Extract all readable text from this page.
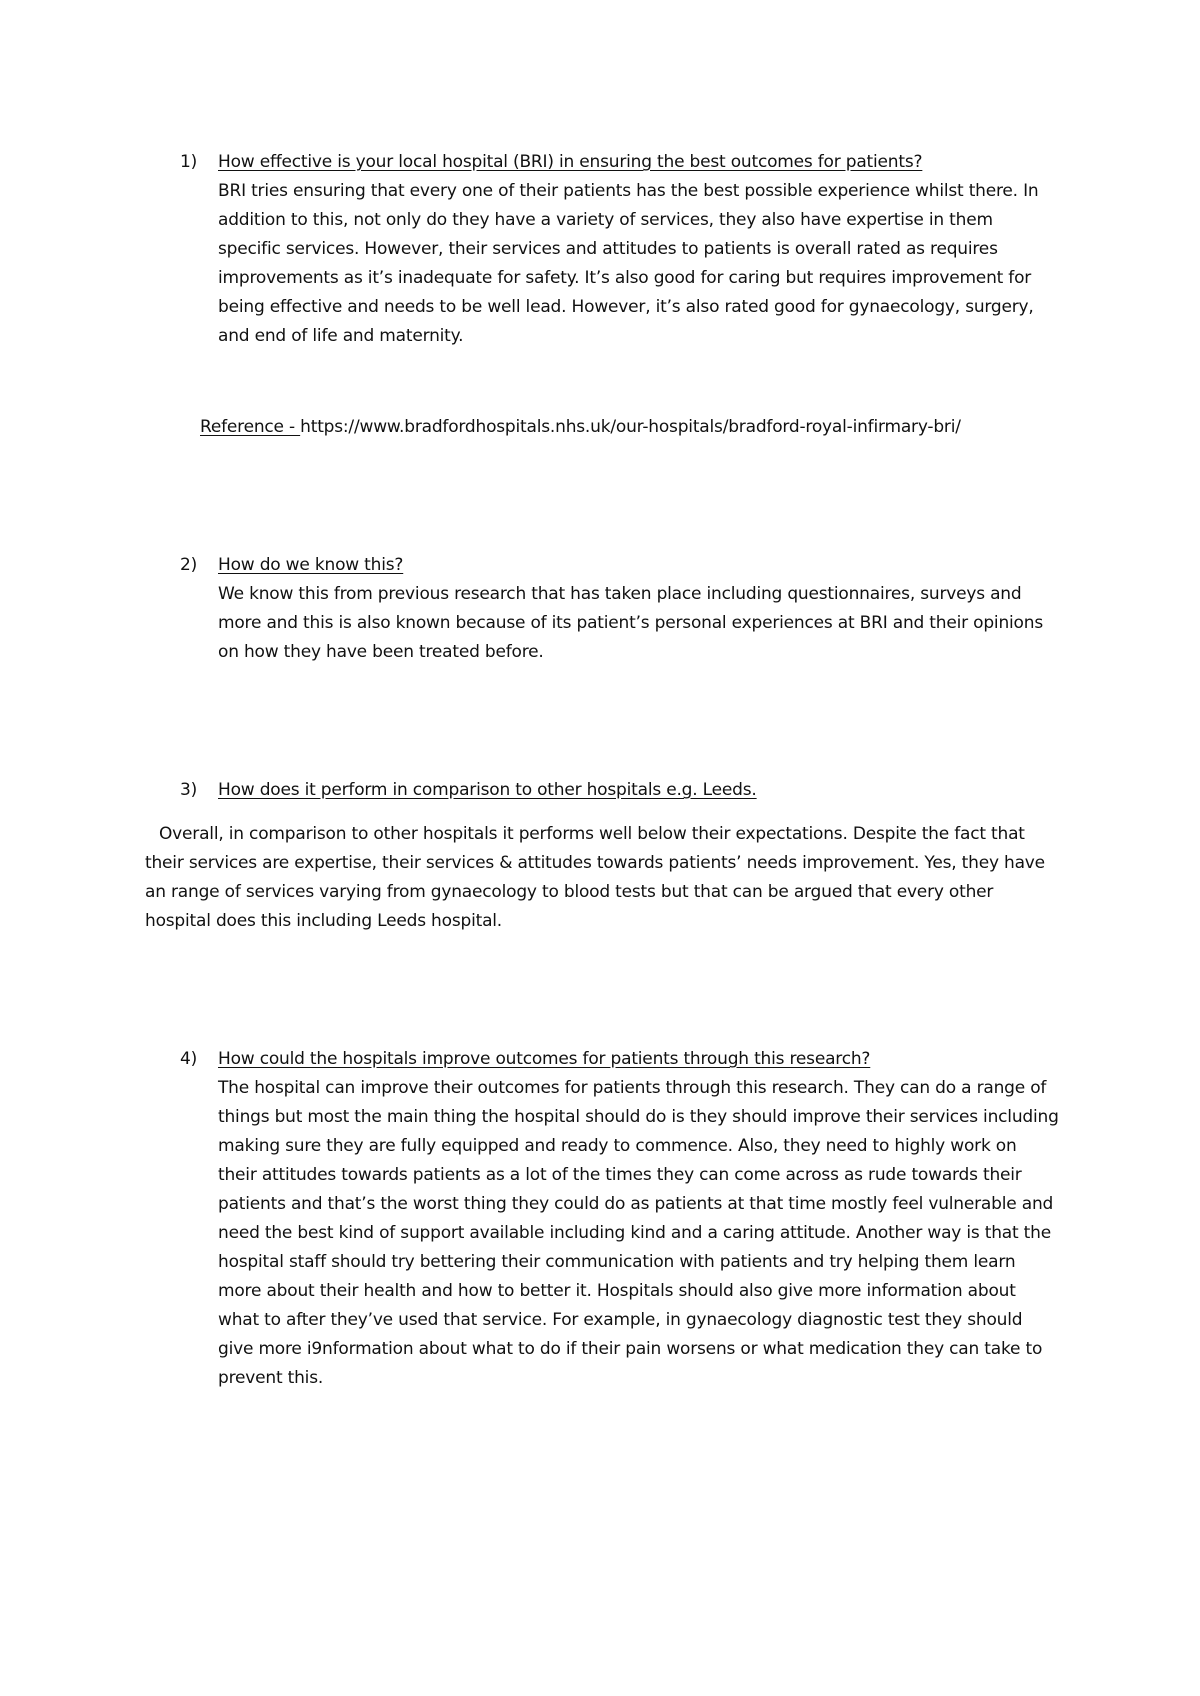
1) How effective is your local hospital (BRI) in ensuring the best outcomes for patients?
BRI tries ensuring that every one of their patients has the best possible experience whilst there. In addition to this, not only do they have a variety of services, they also have expertise in them specific services. However, their services and attitudes to patients is overall rated as requires improvements as it’s inadequate for safety. It’s also good for caring but requires improvement for being effective and needs to be well lead. However, it’s also rated good for gynaecology, surgery, and end of life and maternity.
Reference - https://www.bradfordhospitals.nhs.uk/our-hospitals/bradford-royal-infirmary-bri/
2) How do we know this?
We know this from previous research that has taken place including questionnaires, surveys and more and this is also known because of its patient’s personal experiences at BRI and their opinions on how they have been treated before.
3) How does it perform in comparison to other hospitals e.g. Leeds.
Overall, in comparison to other hospitals it performs well below their expectations. Despite the fact that their services are expertise, their services & attitudes towards patients’ needs improvement. Yes, they have an range of services varying from gynaecology to blood tests but that can be argued that every other hospital does this including Leeds hospital.
4) How could the hospitals improve outcomes for patients through this research?
The hospital can improve their outcomes for patients through this research. They can do a range of things but most the main thing the hospital should do is they should improve their services including making sure they are fully equipped and ready to commence. Also, they need to highly work on their attitudes towards patients as a lot of the times they can come across as rude towards their patients and that’s the worst thing they could do as patients at that time mostly feel vulnerable and need the best kind of support available including kind and a caring attitude. Another way is that the hospital staff should try bettering their communication with patients and try helping them learn more about their health and how to better it. Hospitals should also give more information about what to after they’ve used that service. For example, in gynaecology diagnostic test they should give more i9nformation about what to do if their pain worsens or what medication they can take to prevent this.
